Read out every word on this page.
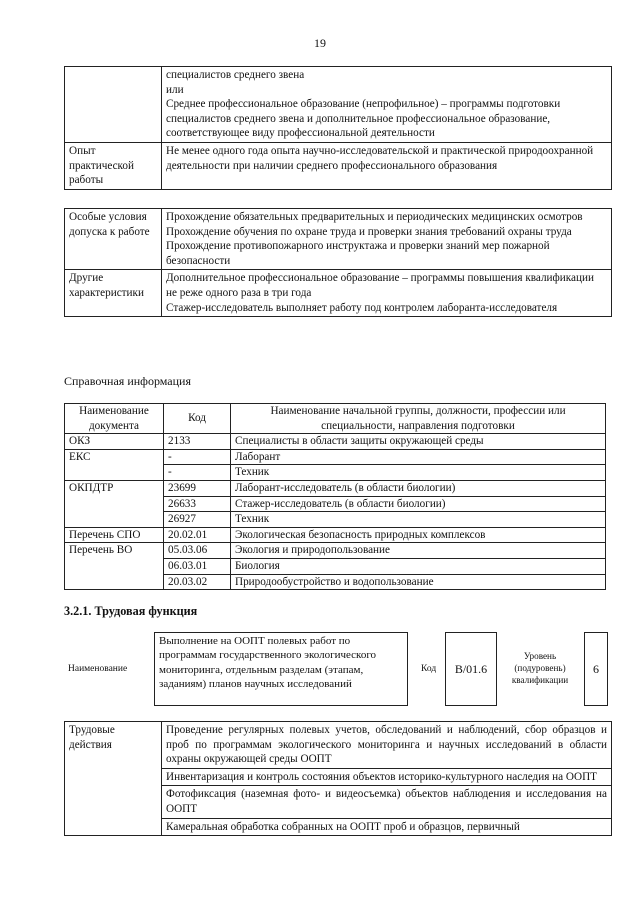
19

	специалистов среднего звена
или
Среднее профессиональное образование (непрофильное) – программы подготовки специалистов среднего звена и дополнительное профессиональное образование, соответствующее виду профессиональной деятельности

Опыт практической работы	Не менее одного года опыта научно-исследовательской и практической природоохранной деятельности при наличии среднего профессионального образования
Особые условия допуска к работе	Прохождение обязательных предварительных и периодических медицинских осмотров
Прохождение обучения по охране труда и проверки знания требований охраны труда
Прохождение противопожарного инструктажа и проверки знаний мер пожарной безопасности

Другие характеристики	Дополнительное профессиональное образование – программы повышения квалификации не реже одного раза в три года
Стажер-исследователь выполняет работу под контролем лаборанта-исследователя
Справочная информация
Наименование документа	Код	Наименование начальной группы, должности, профессии или специальности, направления подготовки
ОКЗ	2133	Специалисты в области защиты окружающей среды
ЕКС	-	Лаборант
	-	Техник
ОКПДТР	23699	Лаборант-исследователь (в области биологии)
	26633	Стажер-исследователь (в области биологии)
	26927	Техник
Перечень СПО	20.02.01	Экологическая безопасность природных комплексов
Перечень ВО	05.03.06	Экология и природопользование
	06.03.01	Биология
	20.03.02	Природообустройство и водопользование
3.2.1. Трудовая функция
Наименование
Выполнение на ООПТ полевых работ по программам государственного экологического мониторинга, отдельным разделам (этапам, заданиям) планов научных исследований
Код	B/01.6
Уровень (подуровень) квалификации
6
Трудовые действия	Проведение регулярных полевых учетов, обследований и наблюдений, сбор образцов и проб по программам экологического мониторинга и научных исследований в области охраны окружающей среды ООПТ
Инвентаризация и контроль состояния объектов историко-культурного наследия на ООПТ
Фотофиксация (наземная фото- и видеосъемка) объектов наблюдения и исследования на ООПТ
Камеральная обработка собранных на ООПТ проб и образцов, первичный
